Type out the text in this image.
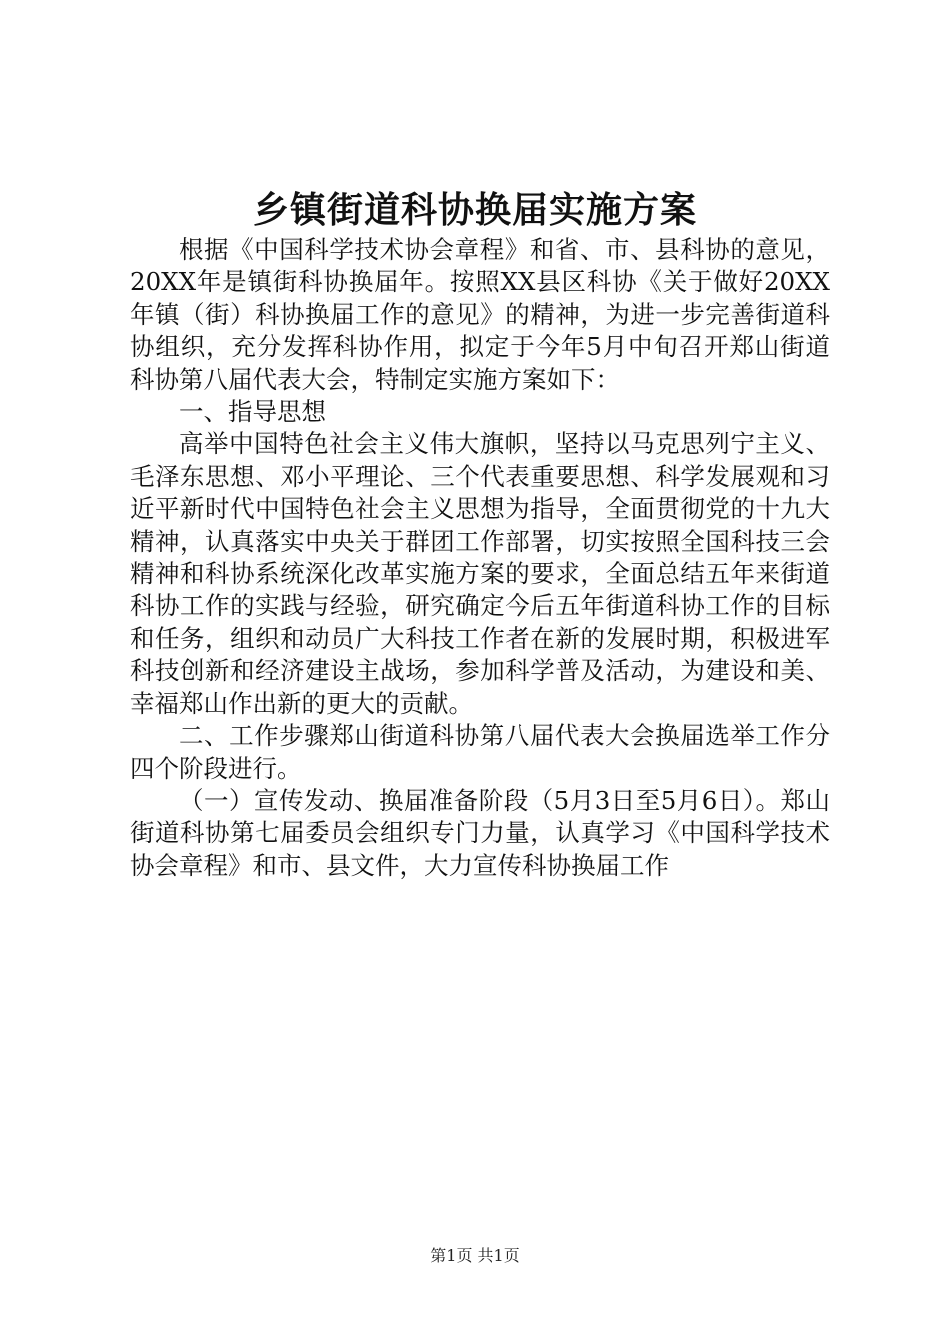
乡镇街道科协换届实施方案

根据《中国科学技术协会章程》和省、市、县科协的意见，20XX年是镇街科协换届年。按照XX县区科协《关于做好20XX年镇（街）科协换届工作的意见》的精神，为进一步完善街道科协组织，充分发挥科协作用，拟定于今年5月中旬召开郑山街道科协第八届代表大会，特制定实施方案如下：

一、指导思想

高举中国特色社会主义伟大旗帜，坚持以马克思列宁主义、毛泽东思想、邓小平理论、三个代表重要思想、科学发展观和习近平新时代中国特色社会主义思想为指导，全面贯彻党的十九大精神，认真落实中央关于群团工作部署，切实按照全国科技三会精神和科协系统深化改革实施方案的要求，全面总结五年来街道科协工作的实践与经验，研究确定今后五年街道科协工作的目标和任务，组织和动员广大科技工作者在新的发展时期，积极进军科技创新和经济建设主战场，参加科学普及活动，为建设和美、幸福郑山作出新的更大的贡献。

二、工作步骤郑山街道科协第八届代表大会换届选举工作分四个阶段进行。

（一）宣传发动、换届准备阶段（5月3日至5月6日）。郑山街道科协第七届委员会组织专门力量，认真学习《中国科学技术协会章程》和市、县文件，大力宣传科协换届工作

第1页 共1页
